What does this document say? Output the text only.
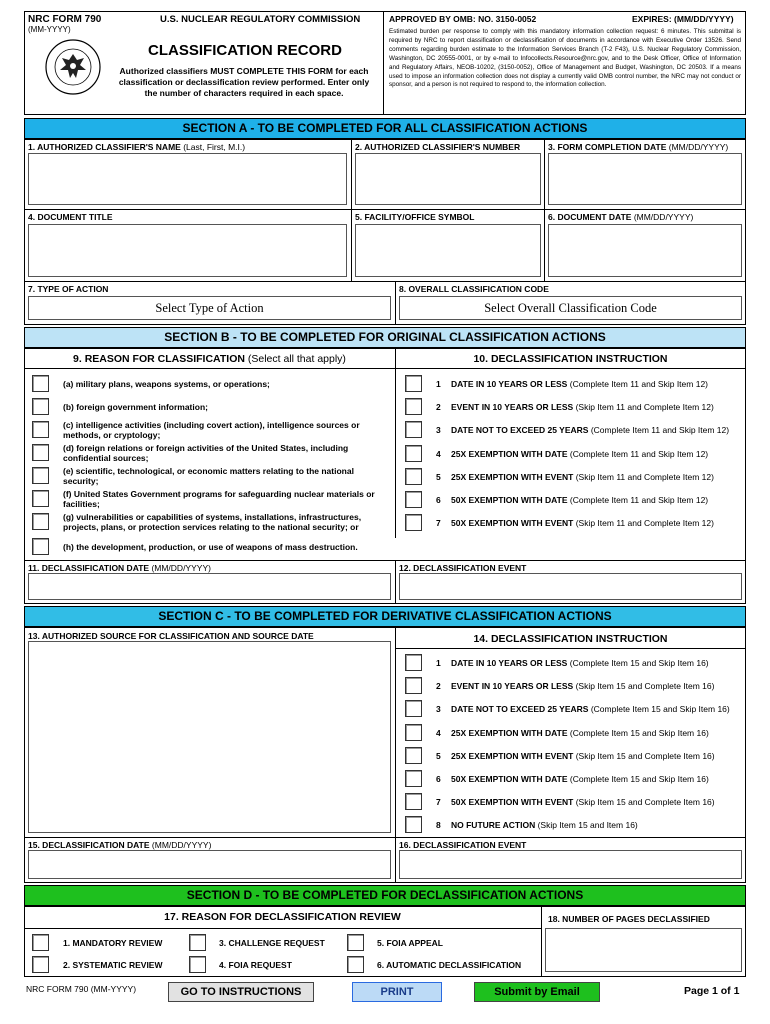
NRC FORM 790
(MM-YYYY)
U.S. NUCLEAR REGULATORY COMMISSION
CLASSIFICATION RECORD
Authorized classifiers MUST COMPLETE THIS FORM for each classification or declassification review performed. Enter only the number of characters required in each space.
APPROVED BY OMB: NO. 3150-0052	EXPIRES: (MM/DD/YYYY)
Estimated burden per response to comply with this mandatory information collection request: 6 minutes. This submittal is required by NRC to report classification or declassification of documents in accordance with Executive Order 13526. Send comments regarding burden estimate to the Information Services Branch (T-2 F43), U.S. Nuclear Regulatory Commission, Washington, DC 20555-0001, or by e-mail to Infocollects.Resource@nrc.gov, and to the Desk Officer, Office of Information and Regulatory Affairs, NEOB-10202, (3150-0052), Office of Management and Budget, Washington, DC 20503. If a means used to impose an information collection does not display a currently valid OMB control number, the NRC may not conduct or sponsor, and a person is not required to respond to, the information collection.
SECTION A - TO BE COMPLETED FOR ALL CLASSIFICATION ACTIONS
1. AUTHORIZED CLASSIFIER'S NAME (Last, First, M.I.)	2. AUTHORIZED CLASSIFIER'S NUMBER	3. FORM COMPLETION DATE (MM/DD/YYYY)
4. DOCUMENT TITLE	5. FACILITY/OFFICE SYMBOL	6. DOCUMENT DATE (MM/DD/YYYY)
7. TYPE OF ACTION
Select Type of Action
8. OVERALL CLASSIFICATION CODE
Select Overall Classification Code
SECTION B - TO BE COMPLETED FOR ORIGINAL CLASSIFICATION ACTIONS
9. REASON FOR CLASSIFICATION (Select all that apply)	10. DECLASSIFICATION INSTRUCTION
(a) military plans, weapons systems, or operations;
(b) foreign government information;
(c) intelligence activities (including covert action), intelligence sources or methods, or cryptology;
(d) foreign relations or foreign activities of the United States, including confidential sources;
(e) scientific, technological, or economic matters relating to the national security;
(f) United States Government programs for safeguarding nuclear materials or facilities;
(g) vulnerabilities or capabilities of systems, installations, infrastructures, projects, plans, or protection services relating to the national security; or
(h) the development, production, or use of weapons of mass destruction.
1 DATE IN 10 YEARS OR LESS (Complete Item 11 and Skip Item 12)
2 EVENT IN 10 YEARS OR LESS (Skip Item 11 and Complete Item 12)
3 DATE NOT TO EXCEED 25 YEARS (Complete Item 11 and Skip Item 12)
4 25X EXEMPTION WITH DATE (Complete Item 11 and Skip Item 12)
5 25X EXEMPTION WITH EVENT (Skip Item 11 and Complete Item 12)
6 50X EXEMPTION WITH DATE (Complete Item 11 and Skip Item 12)
7 50X EXEMPTION WITH EVENT (Skip Item 11 and Complete Item 12)
11. DECLASSIFICATION DATE (MM/DD/YYYY)	12. DECLASSIFICATION EVENT
SECTION C - TO BE COMPLETED FOR DERIVATIVE CLASSIFICATION ACTIONS
13. AUTHORIZED SOURCE FOR CLASSIFICATION AND SOURCE DATE	14. DECLASSIFICATION INSTRUCTION
1 DATE IN 10 YEARS OR LESS (Complete Item 15 and Skip Item 16)
2 EVENT IN 10 YEARS OR LESS (Skip Item 15 and Complete Item 16)
3 DATE NOT TO EXCEED 25 YEARS (Complete Item 15 and Skip Item 16)
4 25X EXEMPTION WITH DATE (Complete Item 15 and Skip Item 16)
5 25X EXEMPTION WITH EVENT (Skip Item 15 and Complete Item 16)
6 50X EXEMPTION WITH DATE (Complete Item 15 and Skip Item 16)
7 50X EXEMPTION WITH EVENT (Skip Item 15 and Complete Item 16)
8 NO FUTURE ACTION (Skip Item 15 and Item 16)
15. DECLASSIFICATION DATE (MM/DD/YYYY)	16. DECLASSIFICATION EVENT
SECTION D - TO BE COMPLETED FOR DECLASSIFICATION ACTIONS
17. REASON FOR DECLASSIFICATION REVIEW	18. NUMBER OF PAGES DECLASSIFIED
1. MANDATORY REVIEW	3. CHALLENGE REQUEST	5. FOIA APPEAL
2. SYSTEMATIC REVIEW	4. FOIA REQUEST	6. AUTOMATIC DECLASSIFICATION
NRC FORM 790 (MM-YYYY)	GO TO INSTRUCTIONS	PRINT	Submit by Email	Page 1 of 1
